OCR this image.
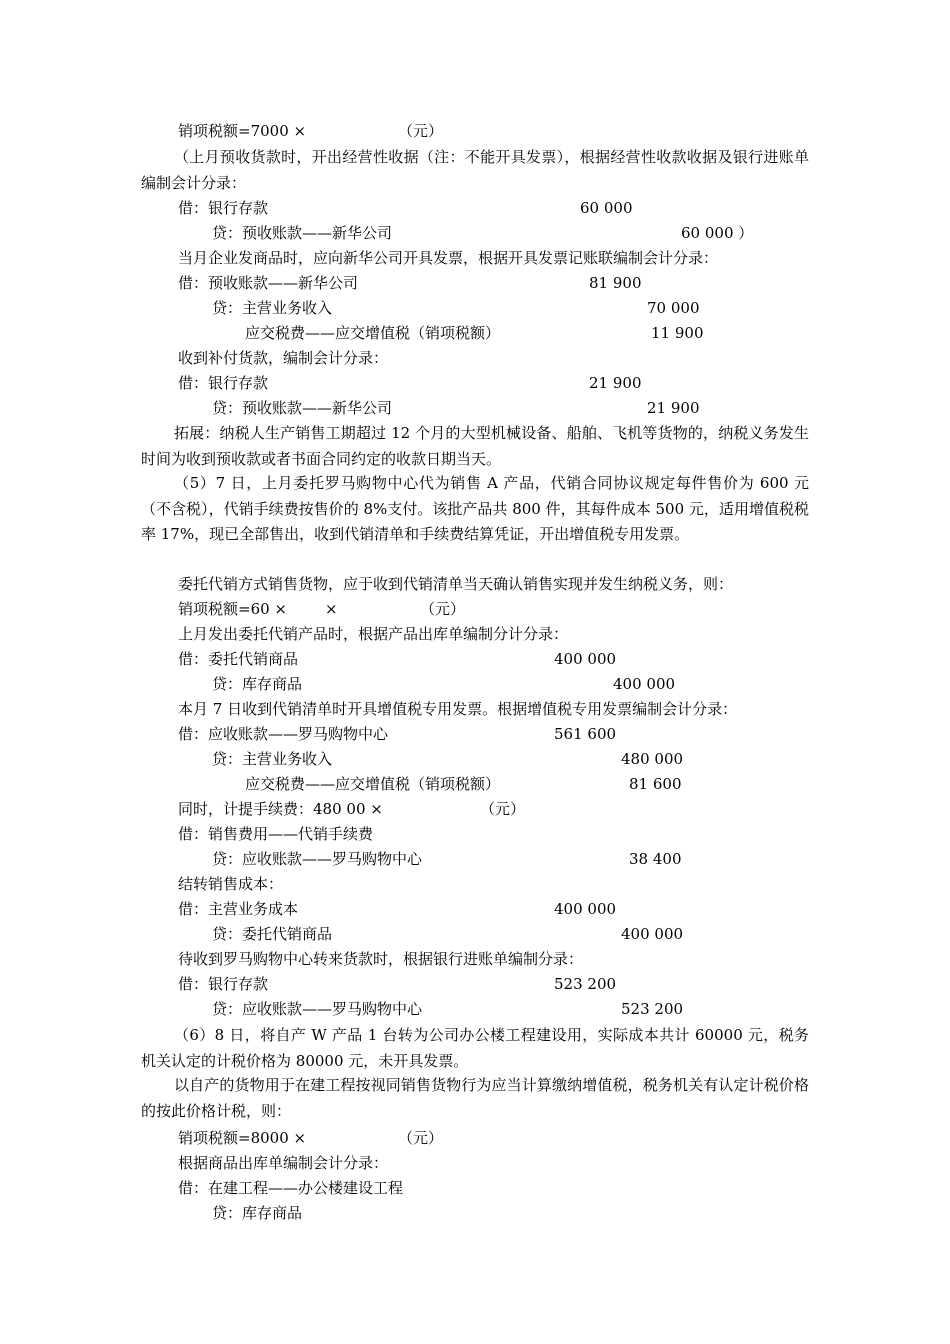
销项税额=7000 ×	（元）
（上月预收货款时，开出经营性收据（注：不能开具发票），根据经营性收款收据及银行进账单编制会计分录：
借：银行存款	60 000
贷：预收账款——新华公司	60 000 ）
当月企业发商品时，应向新华公司开具发票，根据开具发票记账联编制会计分录：
借：预收账款——新华公司	81 900
贷：主营业务收入	70 000
应交税费——应交增值税（销项税额）	11 900
收到补付货款，编制会计分录：
借：银行存款	21 900
贷：预收账款——新华公司	21 900
拓展：纳税人生产销售工期超过 12 个月的大型机械设备、船舶、飞机等货物的，纳税义务发生时间为收到预收款或者书面合同约定的收款日期当天。
（5）7 日，上月委托罗马购物中心代为销售 A 产品，代销合同协议规定每件售价为 600 元（不含税），代销手续费按售价的 8%支付。该批产品共 800 件，其每件成本 500 元，适用增值税税率 17%，现已全部售出，收到代销清单和手续费结算凭证，开出增值税专用发票。
委托代销方式销售货物，应于收到代销清单当天确认销售实现并发生纳税义务，则：
销项税额=60 ×	×	（元）
上月发出委托代销产品时，根据产品出库单编制分计分录：
借：委托代销商品	400 000
贷：库存商品	400 000
本月 7 日收到代销清单时开具增值税专用发票。根据增值税专用发票编制会计分录：
借：应收账款——罗马购物中心	561 600
贷：主营业务收入	480 000
应交税费——应交增值税（销项税额）	81 600
同时，计提手续费：480 00 ×	（元）
借：销售费用——代销手续费
贷：应收账款——罗马购物中心	38 400
结转销售成本：
借：主营业务成本	400 000
贷：委托代销商品	400 000
待收到罗马购物中心转来货款时，根据银行进账单编制分录：
借：银行存款	523 200
贷：应收账款——罗马购物中心	523 200
（6）8 日，将自产 W 产品 1 台转为公司办公楼工程建设用，实际成本共计 60000 元，税务机关认定的计税价格为 80000 元，未开具发票。
以自产的货物用于在建工程按视同销售货物行为应当计算缴纳增值税，税务机关有认定计税价格的按此价格计税，则：
销项税额=8000 ×	（元）
根据商品出库单编制会计分录：
借：在建工程——办公楼建设工程
贷：库存商品
